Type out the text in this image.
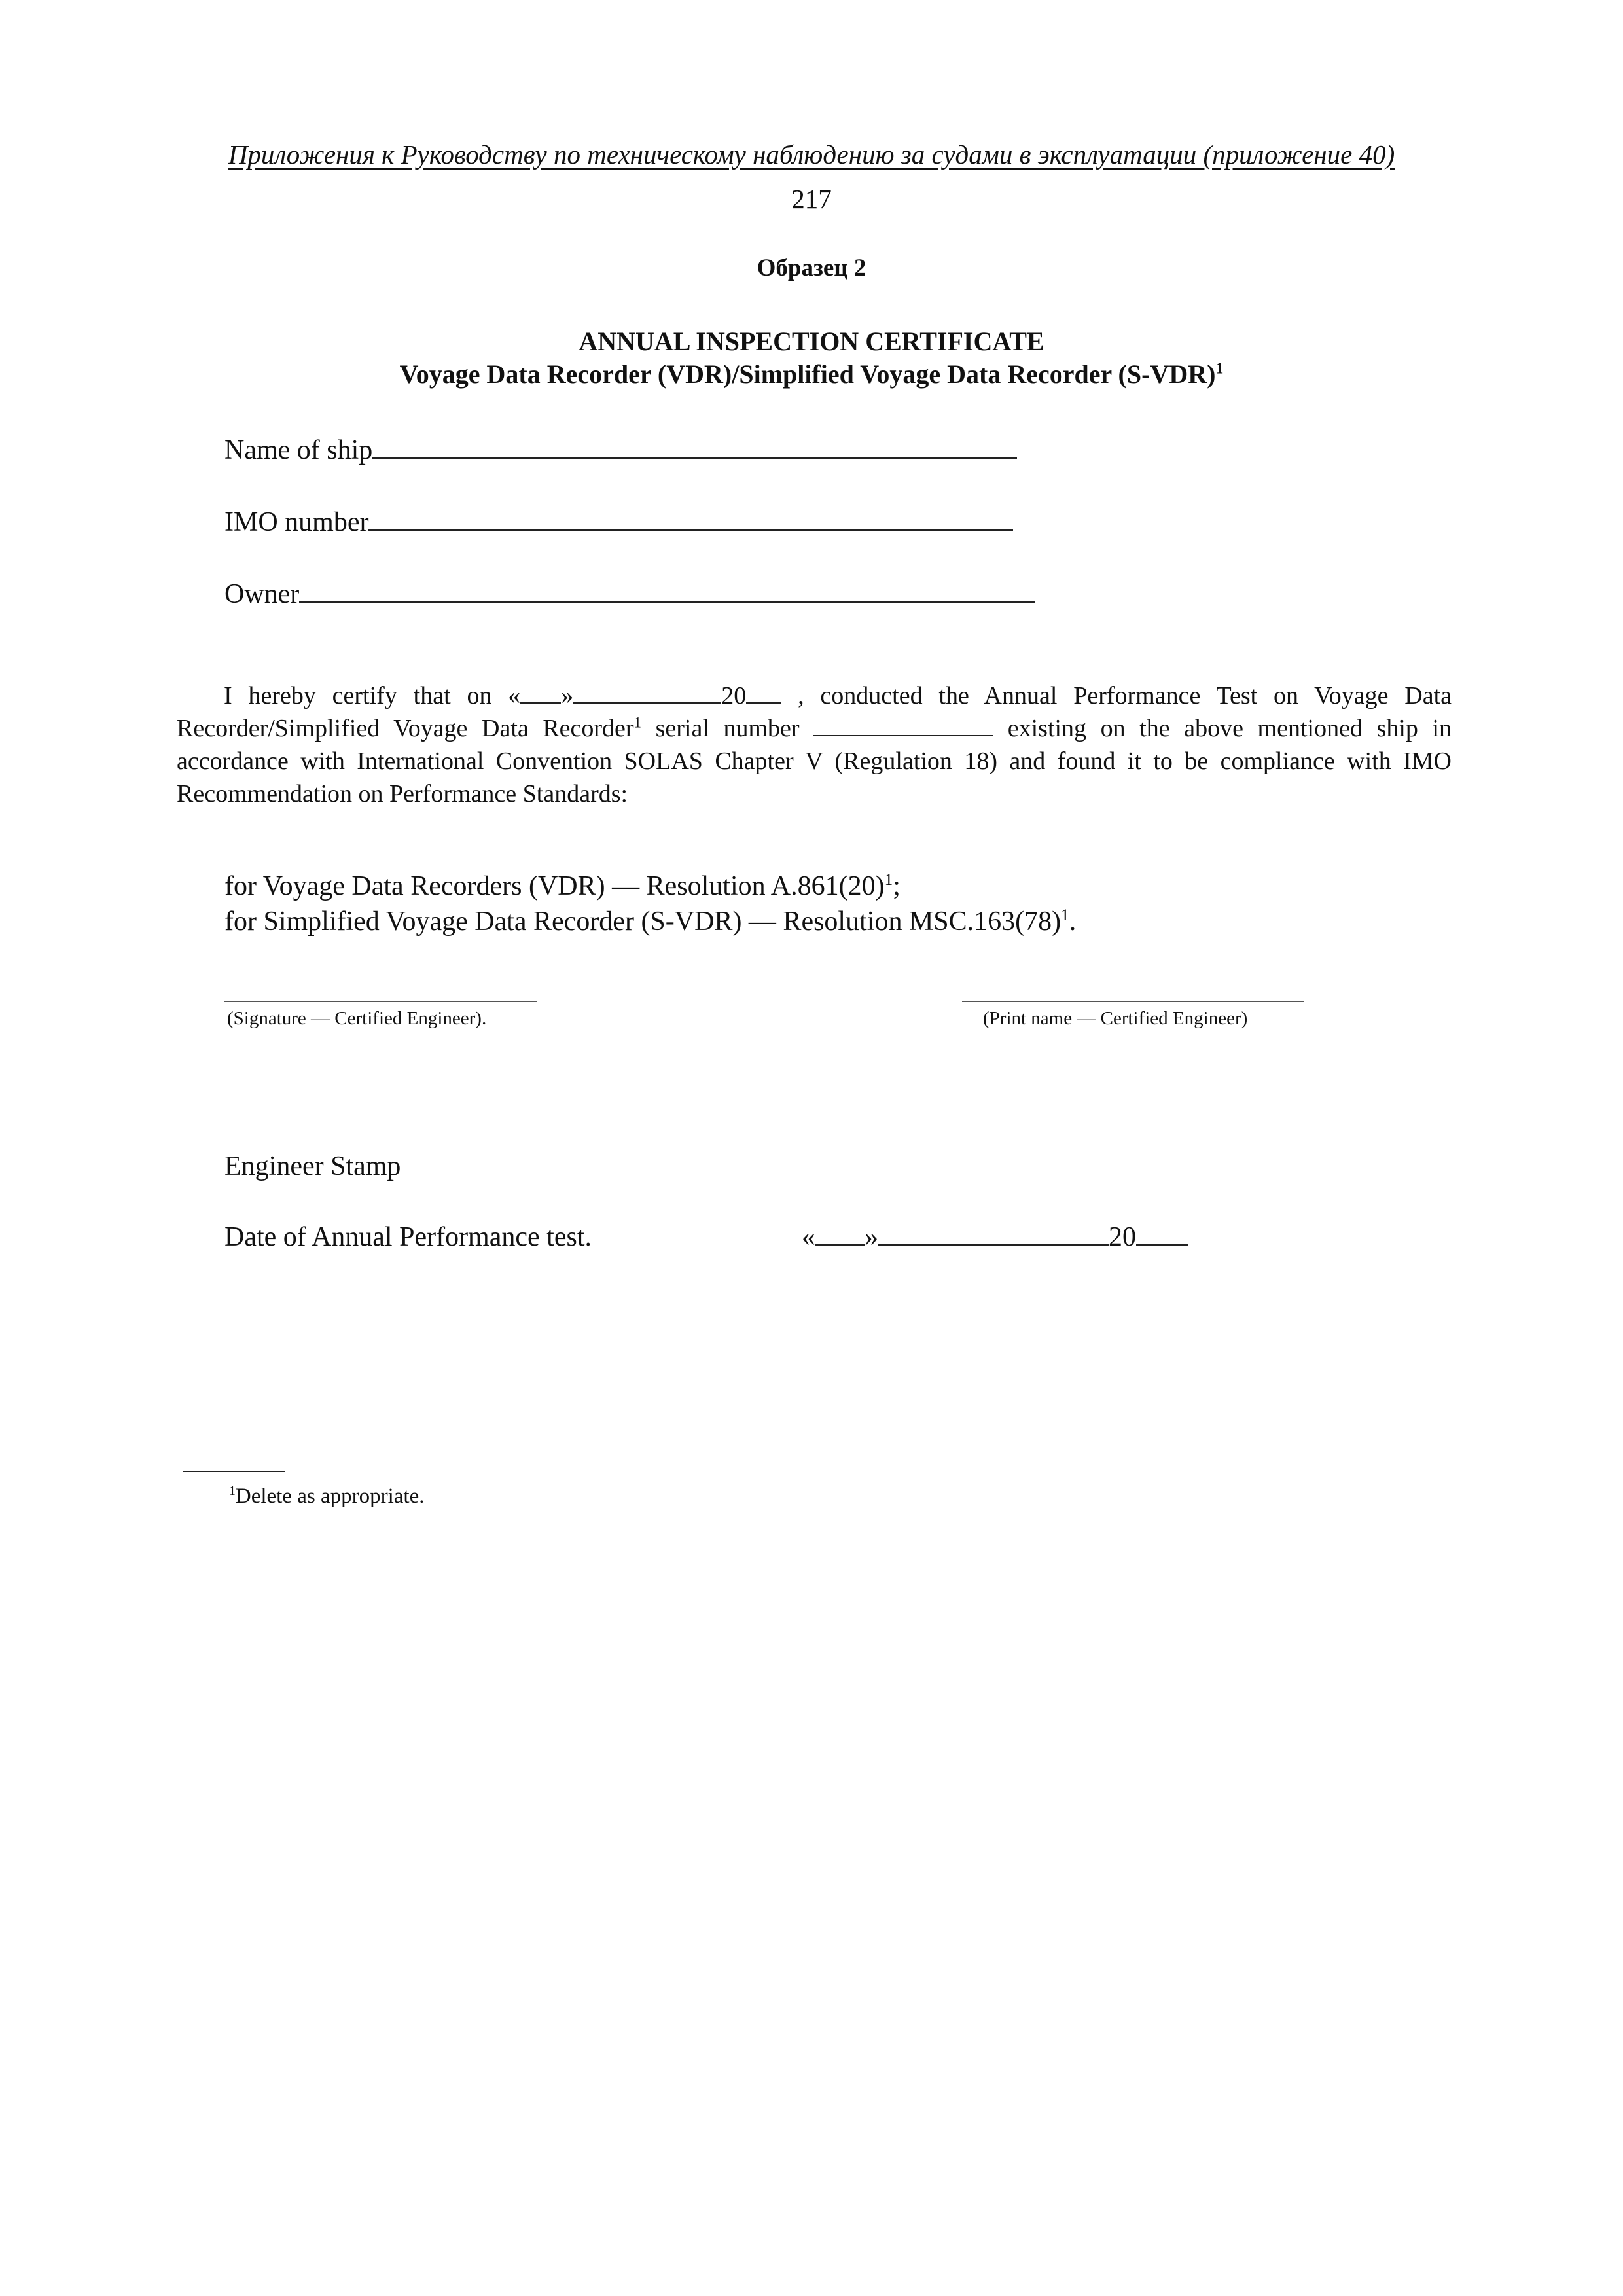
Приложения к Руководству по техническому наблюдению за судами в эксплуатации (приложение 40)
217
Образец 2
ANNUAL INSPECTION CERTIFICATE
Voyage Data Recorder (VDR)/Simplified Voyage Data Recorder $(S-VDR)^1$
Name of ship
IMO number
Owner
I hereby certify that on « »	20 , conducted the Annual Performance Test on Voyage Data Recorder/Simplified Voyage Data Recorder$^1$ serial number	existing on the above mentioned ship in accordance with International Convention SOLAS Chapter V (Regulation 18) and found it to be compliance with IMO Recommendation on Performance Standards:
for Voyage Data Recorders (VDR) — Resolution $A.861(20)^1$;
for Simplified Voyage Data Recorder (S-VDR) — Resolution $MSC.163(78)^1$.
(Signature — Certified Engineer).	(Print name — Certified Engineer)
Engineer Stamp
Date of Annual Performance test.	« »	20
$^1$Delete as appropriate.
